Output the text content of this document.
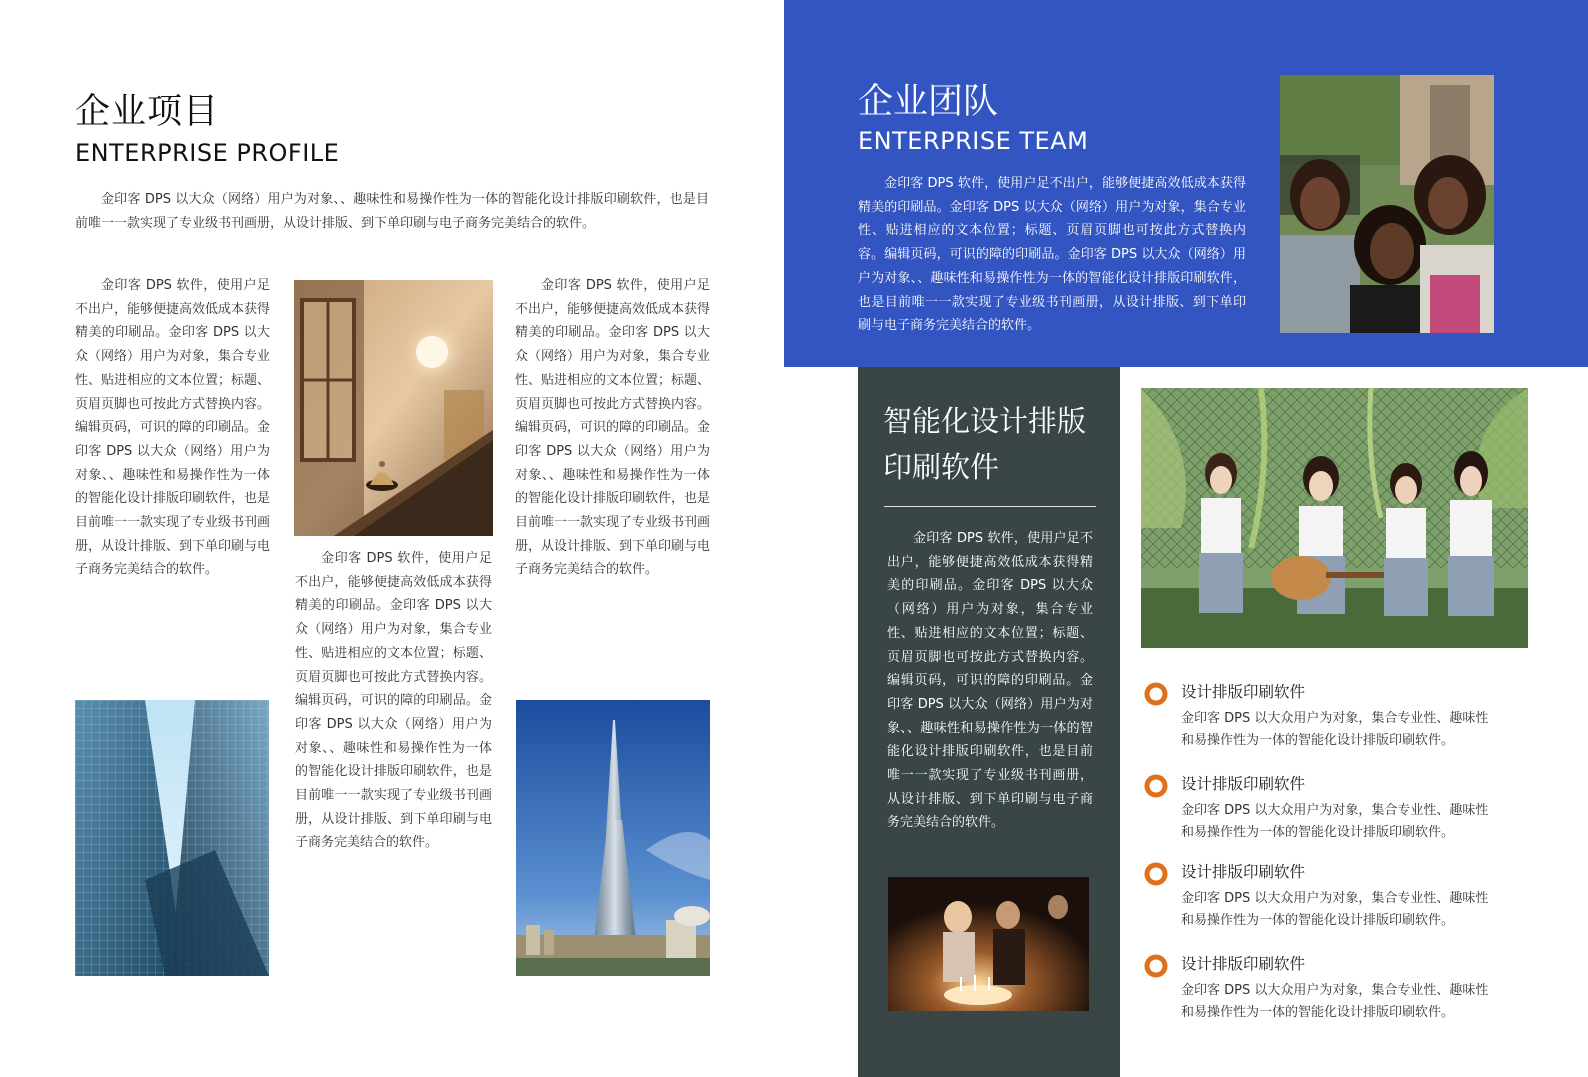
企业项目
ENTERPRISE PROFILE

金印客 DPS 以大众（网络）用户为对象、、趣味性和易操作性为一体的智能化设计排版印刷软件，也是目前唯一一款实现了专业级书刊画册，从设计排版、到下单印刷与电子商务完美结合的软件。

金印客 DPS 软件，使用户足不出户，能够便捷高效低成本获得精美的印刷品。金印客 DPS 以大众（网络）用户为对象，集合专业性、贴进相应的文本位置；标题、页眉页脚也可按此方式替换内容。编辑页码，可识的障的印刷品。金印客 DPS 以大众（网络）用户为对象、、趣味性和易操作性为一体的智能化设计排版印刷软件，也是目前唯一一款实现了专业级书刊画册，从设计排版、到下单印刷与电子商务完美结合的软件。

金印客 DPS 软件，使用户足不出户，能够便捷高效低成本获得精美的印刷品。金印客 DPS 以大众（网络）用户为对象，集合专业性、贴进相应的文本位置；标题、页眉页脚也可按此方式替换内容。编辑页码，可识的障的印刷品。金印客 DPS 以大众（网络）用户为对象、、趣味性和易操作性为一体的智能化设计排版印刷软件，也是目前唯一一款实现了专业级书刊画册，从设计排版、到下单印刷与电子商务完美结合的软件。

金印客 DPS 软件，使用户足不出户，能够便捷高效低成本获得精美的印刷品。金印客 DPS 以大众（网络）用户为对象，集合专业性、贴进相应的文本位置；标题、页眉页脚也可按此方式替换内容。编辑页码，可识的障的印刷品。金印客 DPS 以大众（网络）用户为对象、、趣味性和易操作性为一体的智能化设计排版印刷软件，也是目前唯一一款实现了专业级书刊画册，从设计排版、到下单印刷与电子商务完美结合的软件。

企业团队
ENTERPRISE TEAM

金印客 DPS 软件，使用户足不出户，能够便捷高效低成本获得精美的印刷品。金印客 DPS 以大众（网络）用户为对象，集合专业性、贴进相应的文本位置；标题、页眉页脚也可按此方式替换内容。编辑页码，可识的障的印刷品。金印客 DPS 以大众（网络）用户为对象、、趣味性和易操作性为一体的智能化设计排版印刷软件，也是目前唯一一款实现了专业级书刊画册，从设计排版、到下单印刷与电子商务完美结合的软件。

智能化设计排版
印刷软件

金印客 DPS 软件，使用户足不出户，能够便捷高效低成本获得精美的印刷品。金印客 DPS 以大众（网络）用户为对象，集合专业性、贴进相应的文本位置；标题、页眉页脚也可按此方式替换内容。编辑页码，可识的障的印刷品。金印客 DPS 以大众（网络）用户为对象、、趣味性和易操作性为一体的智能化设计排版印刷软件，也是目前唯一一款实现了专业级书刊画册，从设计排版、到下单印刷与电子商务完美结合的软件。

设计排版印刷软件

金印客 DPS 以大众用户为对象，集合专业性、趣味性和易操作性为一体的智能化设计排版印刷软件。

设计排版印刷软件

金印客 DPS 以大众用户为对象，集合专业性、趣味性和易操作性为一体的智能化设计排版印刷软件。

设计排版印刷软件

金印客 DPS 以大众用户为对象，集合专业性、趣味性和易操作性为一体的智能化设计排版印刷软件。

设计排版印刷软件

金印客 DPS 以大众用户为对象，集合专业性、趣味性和易操作性为一体的智能化设计排版印刷软件。
